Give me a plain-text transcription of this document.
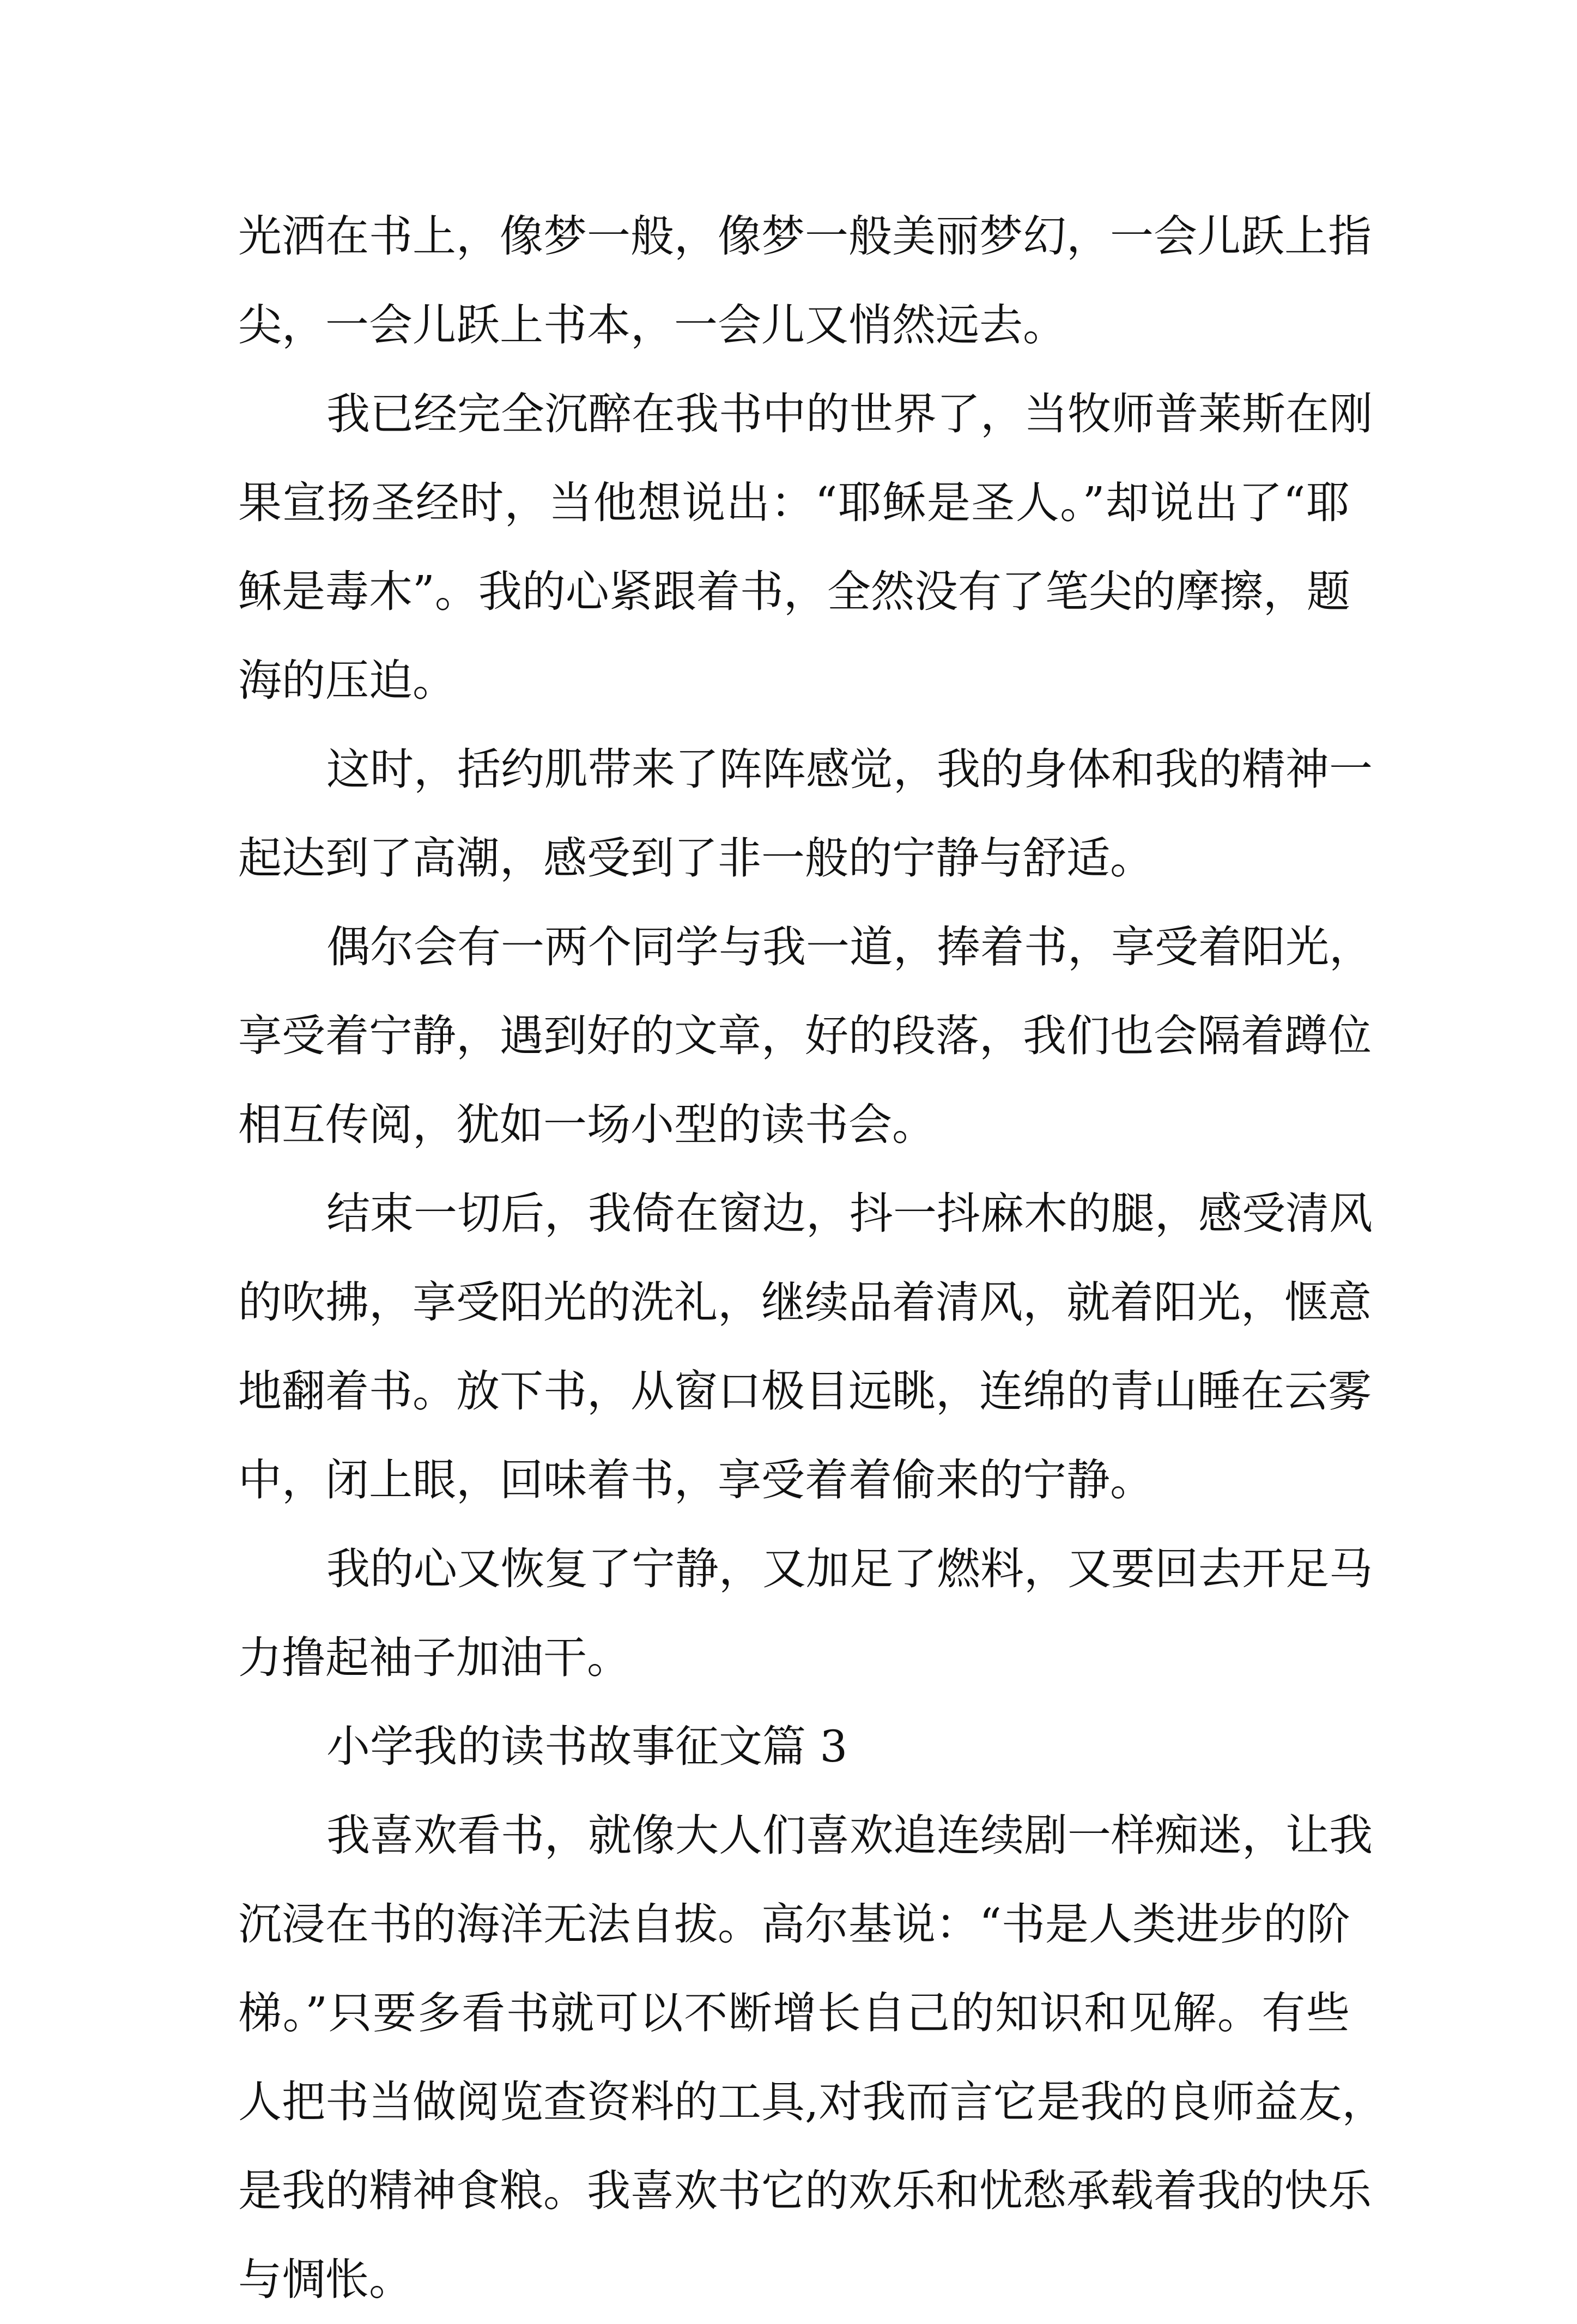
光洒在书上，像梦一般，像梦一般美丽梦幻，一会儿跃上指
尖，一会儿跃上书本，一会儿又悄然远去。
我已经完全沉醉在我书中的世界了，当牧师普莱斯在刚
果宣扬圣经时，当他想说出：“耶稣是圣人。”却说出了“耶
稣是毒木”。我的心紧跟着书，全然没有了笔尖的摩擦，题
海的压迫。
这时，括约肌带来了阵阵感觉，我的身体和我的精神一
起达到了高潮，感受到了非一般的宁静与舒适。
偶尔会有一两个同学与我一道，捧着书，享受着阳光，
享受着宁静，遇到好的文章，好的段落，我们也会隔着蹲位
相互传阅，犹如一场小型的读书会。
结束一切后，我倚在窗边，抖一抖麻木的腿，感受清风
的吹拂，享受阳光的洗礼，继续品着清风，就着阳光，惬意
地翻着书。放下书，从窗口极目远眺，连绵的青山睡在云雾
中，闭上眼，回味着书，享受着着偷来的宁静。
我的心又恢复了宁静，又加足了燃料，又要回去开足马
力撸起袖子加油干。
小学我的读书故事征文篇 3
我喜欢看书，就像大人们喜欢追连续剧一样痴迷，让我
沉浸在书的海洋无法自拔。高尔基说：“书是人类进步的阶
梯。”只要多看书就可以不断增长自己的知识和见解。有些
人把书当做阅览查资料的工具,对我而言它是我的良师益友，
是我的精神食粮。我喜欢书它的欢乐和忧愁承载着我的快乐
与惆怅。
